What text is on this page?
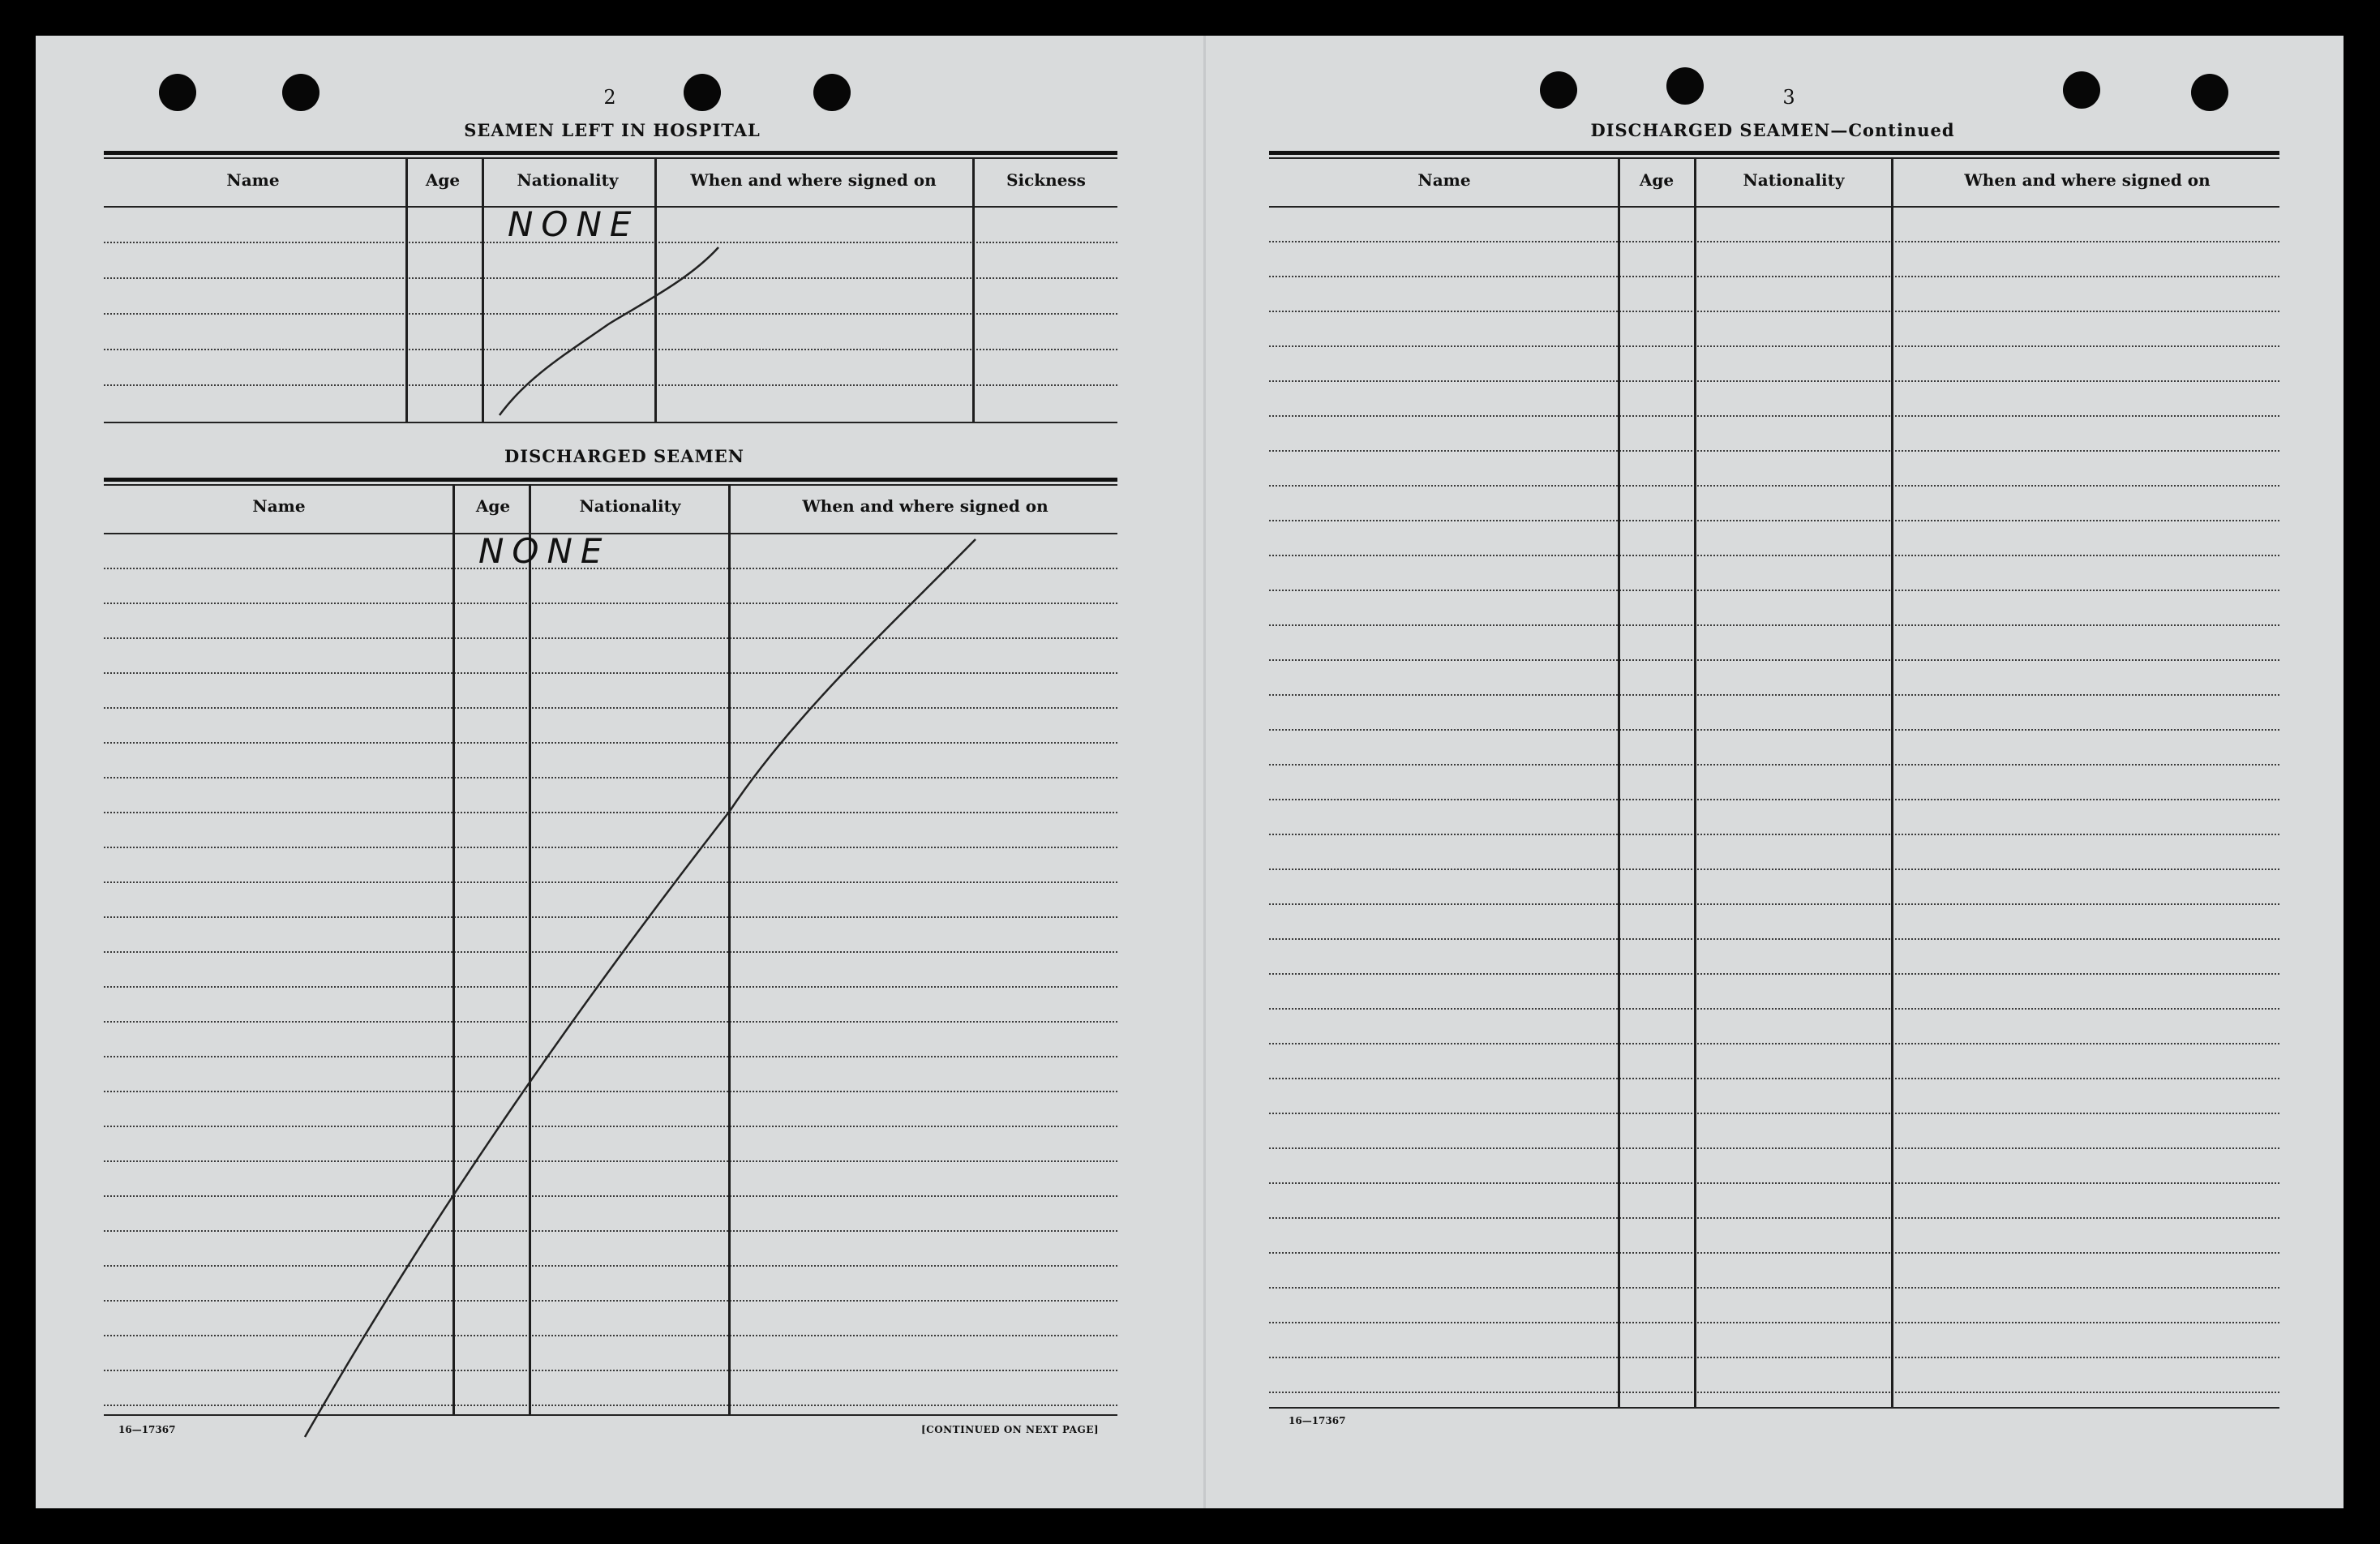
2
SEAMEN LEFT IN HOSPITAL
Name	Age	Nationality	When and where signed on	Sickness
NONE
DISCHARGED SEAMEN
Name	Age	Nationality	When and where signed on
NONE
16—17367	[CONTINUED ON NEXT PAGE]
3
DISCHARGED SEAMEN—Continued
Name	Age	Nationality	When and where signed on
16—17367
